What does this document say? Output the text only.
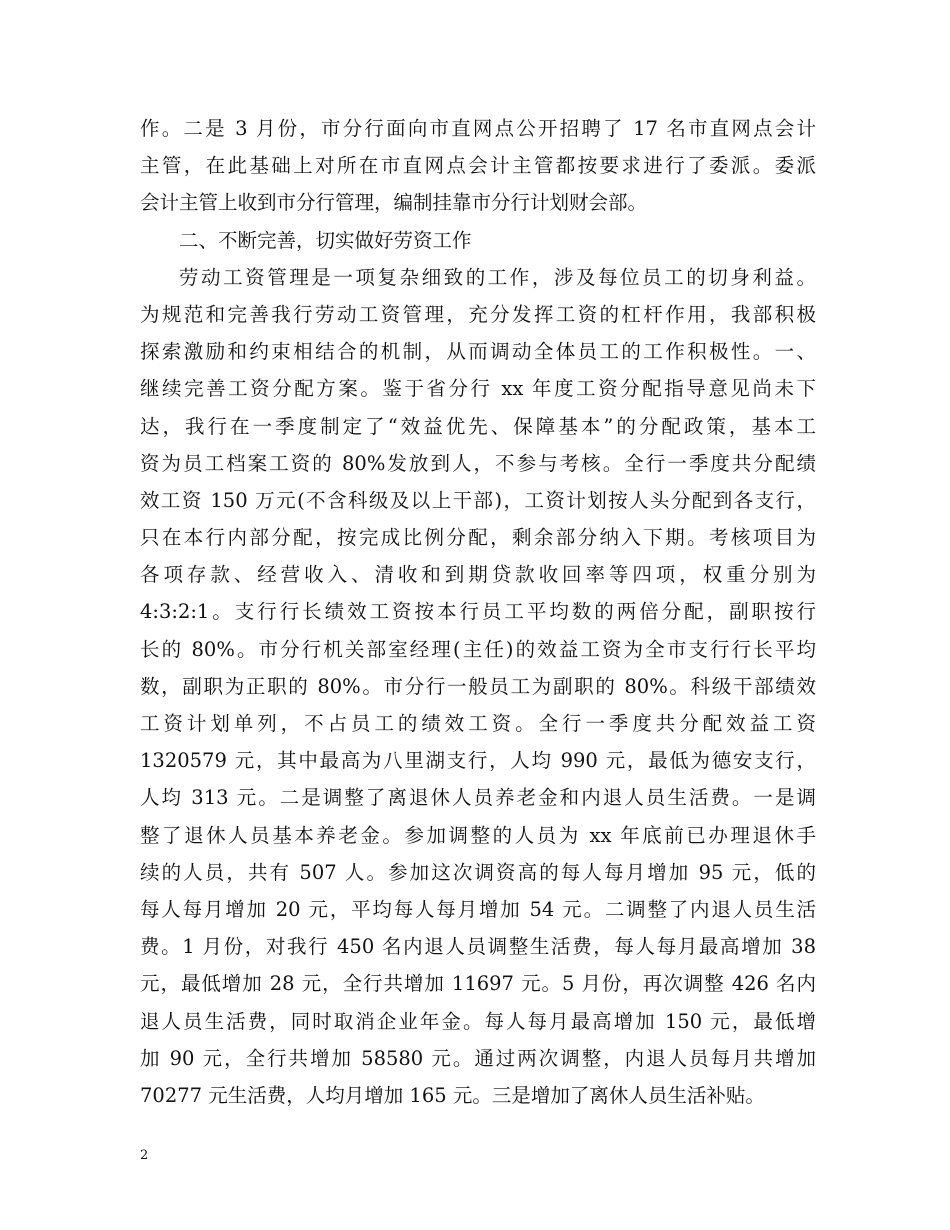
作。二是 3 月份，市分行面向市直网点公开招聘了 17 名市直网点会计
主管，在此基础上对所在市直网点会计主管都按要求进行了委派。委派
会计主管上收到市分行管理，编制挂靠市分行计划财会部。
二、不断完善，切实做好劳资工作
劳动工资管理是一项复杂细致的工作，涉及每位员工的切身利益。
为规范和完善我行劳动工资管理，充分发挥工资的杠杆作用，我部积极
探索激励和约束相结合的机制，从而调动全体员工的工作积极性。一、
继续完善工资分配方案。鉴于省分行 xx 年度工资分配指导意见尚未下
达，我行在一季度制定了“效益优先、保障基本”的分配政策，基本工
资为员工档案工资的 80%发放到人，不参与考核。全行一季度共分配绩
效工资 150 万元(不含科级及以上干部)，工资计划按人头分配到各支行，
只在本行内部分配，按完成比例分配，剩余部分纳入下期。考核项目为
各项存款、经营收入、清收和到期贷款收回率等四项，权重分别为
4:3:2:1。支行行长绩效工资按本行员工平均数的两倍分配，副职按行
长的 80%。市分行机关部室经理(主任)的效益工资为全市支行行长平均
数，副职为正职的 80%。市分行一般员工为副职的 80%。科级干部绩效
工资计划单列，不占员工的绩效工资。全行一季度共分配效益工资
1320579 元，其中最高为八里湖支行，人均 990 元，最低为德安支行，
人均 313 元。二是调整了离退休人员养老金和内退人员生活费。一是调
整了退休人员基本养老金。参加调整的人员为 xx 年底前已办理退休手
续的人员，共有 507 人。参加这次调资高的每人每月增加 95 元，低的
每人每月增加 20 元，平均每人每月增加 54 元。二调整了内退人员生活
费。1 月份，对我行 450 名内退人员调整生活费，每人每月最高增加 38
元，最低增加 28 元，全行共增加 11697 元。5 月份，再次调整 426 名内
退人员生活费，同时取消企业年金。每人每月最高增加 150 元，最低增
加 90 元，全行共增加 58580 元。通过两次调整，内退人员每月共增加
70277 元生活费，人均月增加 165 元。三是增加了离休人员生活补贴。
2
